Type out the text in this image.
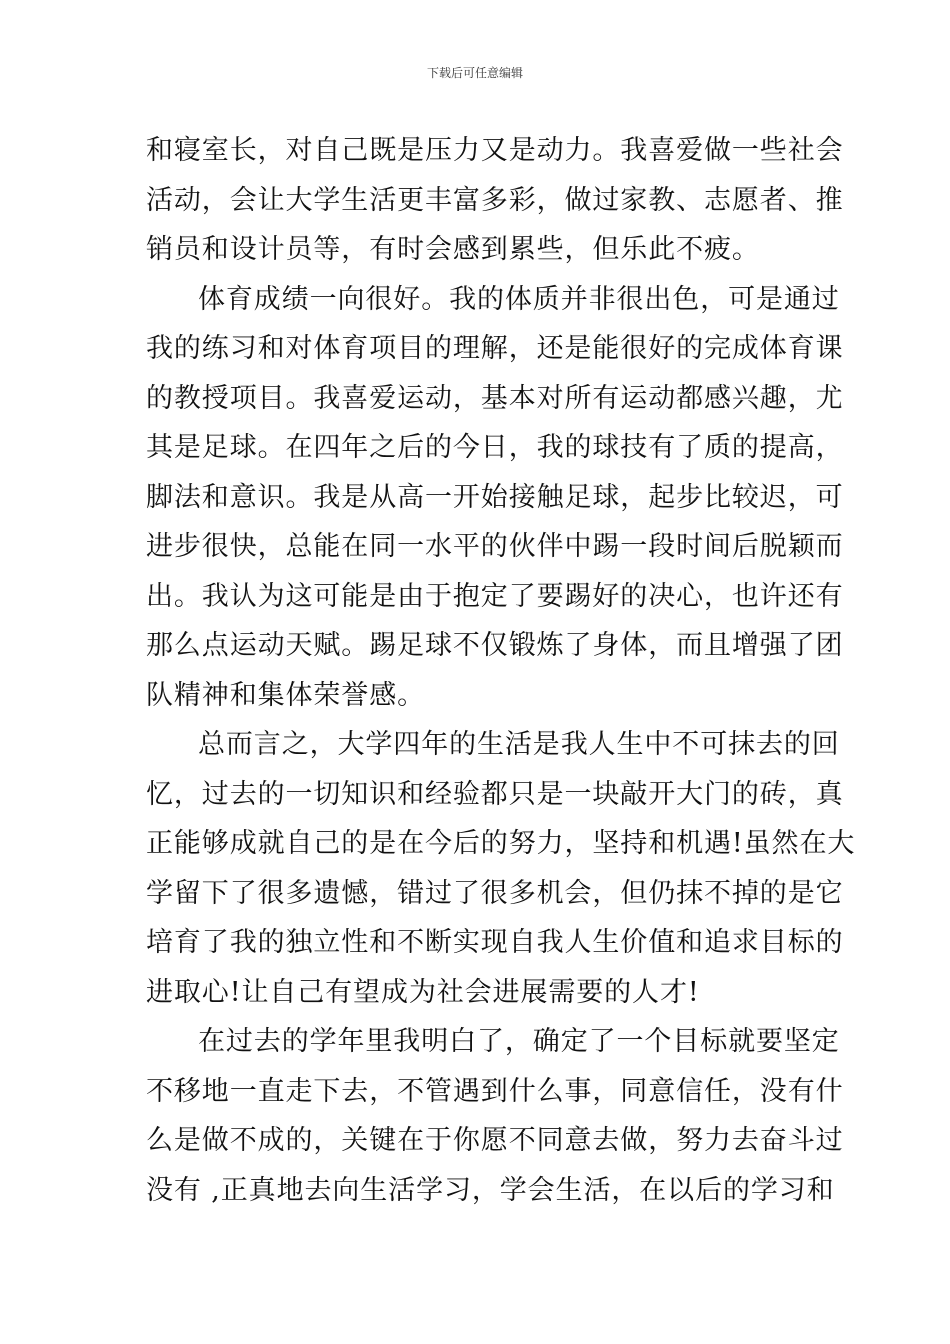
下载后可任意编辑
和寝室长，对自己既是压力又是动力。我喜爱做一些社会
活动，会让大学生活更丰富多彩，做过家教、志愿者、推
销员和设计员等，有时会感到累些，但乐此不疲。
体育成绩一向很好。我的体质并非很出色，可是通过
我的练习和对体育项目的理解，还是能很好的完成体育课
的教授项目。我喜爱运动，基本对所有运动都感兴趣，尤
其是足球。在四年之后的今日，我的球技有了质的提高，
脚法和意识。我是从高一开始接触足球，起步比较迟，可
进步很快，总能在同一水平的伙伴中踢一段时间后脱颖而
出。我认为这可能是由于抱定了要踢好的决心，也许还有
那么点运动天赋。踢足球不仅锻炼了身体，而且增强了团
队精神和集体荣誉感。
总而言之，大学四年的生活是我人生中不可抹去的回
忆，过去的一切知识和经验都只是一块敲开大门的砖，真
正能够成就自己的是在今后的努力，坚持和机遇!虽然在大
学留下了很多遗憾，错过了很多机会，但仍抹不掉的是它
培育了我的独立性和不断实现自我人生价值和追求目标的
进取心!让自己有望成为社会进展需要的人才!
在过去的学年里我明白了，确定了一个目标就要坚定
不移地一直走下去，不管遇到什么事，同意信任，没有什
么是做不成的，关键在于你愿不同意去做，努力去奋斗过
没有 ,正真地去向生活学习，学会生活，在以后的学习和
